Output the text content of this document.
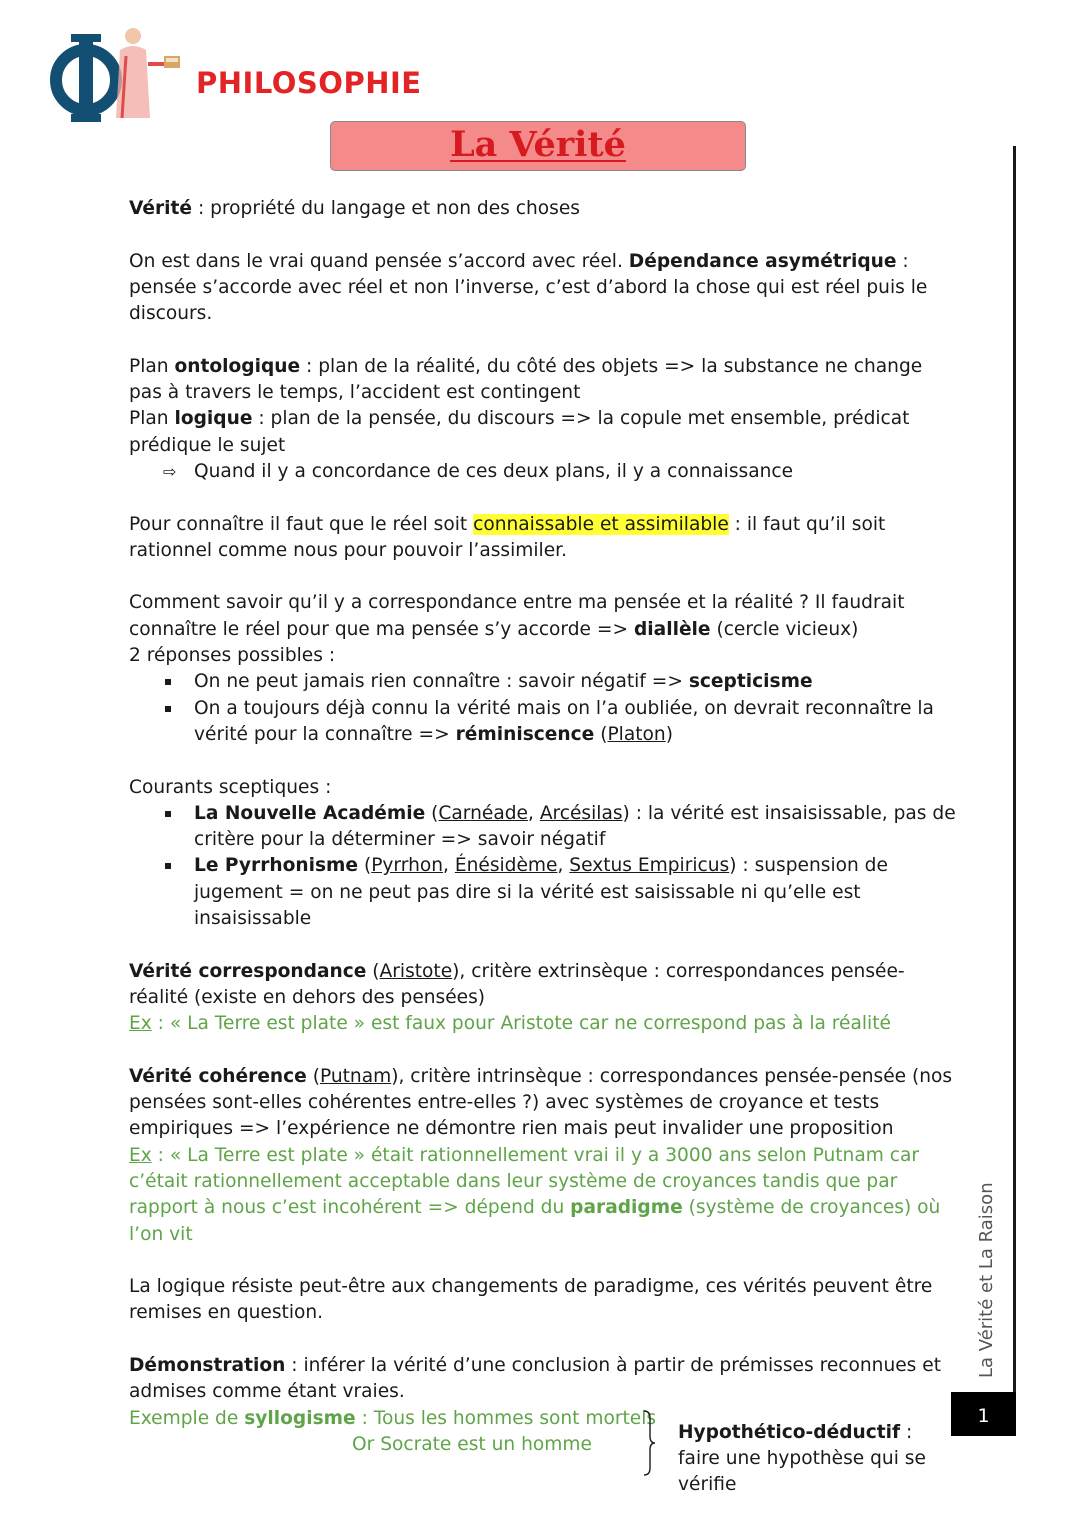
PHILOSOPHIE
La Vérité
La Vérité et La Raison
1

Vérité : propriété du langage et non des choses

On est dans le vrai quand pensée s’accord avec réel. Dépendance asymétrique : pensée s’accorde avec réel et non l’inverse, c’est d’abord la chose qui est réel puis le discours.

Plan ontologique : plan de la réalité, du côté des objets => la substance ne change pas à travers le temps, l’accident est contingent

Plan logique : plan de la pensée, du discours => la copule met ensemble, prédicat prédique le sujet

⇨ Quand il y a concordance de ces deux plans, il y a connaissance

Pour connaître il faut que le réel soit connaissable et assimilable : il faut qu’il soit rationnel comme nous pour pouvoir l’assimiler.

Comment savoir qu’il y a correspondance entre ma pensée et la réalité ? Il faudrait connaître le réel pour que ma pensée s’y accorde => diallèle (cercle vicieux)
2 réponses possibles :

On ne peut jamais rien connaître : savoir négatif => scepticisme
On a toujours déjà connu la vérité mais on l’a oubliée, on devrait reconnaître la vérité pour la connaître => réminiscence (Platon)

Courants sceptiques :

La Nouvelle Académie (Carnéade, Arcésilas) : la vérité est insaisissable, pas de critère pour la déterminer => savoir négatif
Le Pyrrhonisme (Pyrrhon, Énésidème, Sextus Empiricus) : suspension de jugement = on ne peut pas dire si la vérité est saisissable ni qu’elle est insaisissable

Vérité correspondance (Aristote), critère extrinsèque : correspondances pensée-réalité (existe en dehors des pensées)
Ex : « La Terre est plate » est faux pour Aristote car ne correspond pas à la réalité

Vérité cohérence (Putnam), critère intrinsèque : correspondances pensée-pensée (nos pensées sont-elles cohérentes entre-elles ?) avec systèmes de croyance et tests empiriques => l’expérience ne démontre rien mais peut invalider une proposition
Ex : « La Terre est plate » était rationnellement vrai il y a 3000 ans selon Putnam car c’était rationnellement acceptable dans leur système de croyances tandis que par rapport à nous c’est incohérent => dépend du paradigme (système de croyances) où l’on vit

La logique résiste peut-être aux changements de paradigme, ces vérités peuvent être remises en question.

Démonstration : inférer la vérité d’une conclusion à partir de prémisses reconnues et admises comme étant vraies.

Exemple de syllogisme : Tous les hommes sont mortels
Or Socrate est un homme
Hypothético-déductif : faire une hypothèse qui se vérifie
